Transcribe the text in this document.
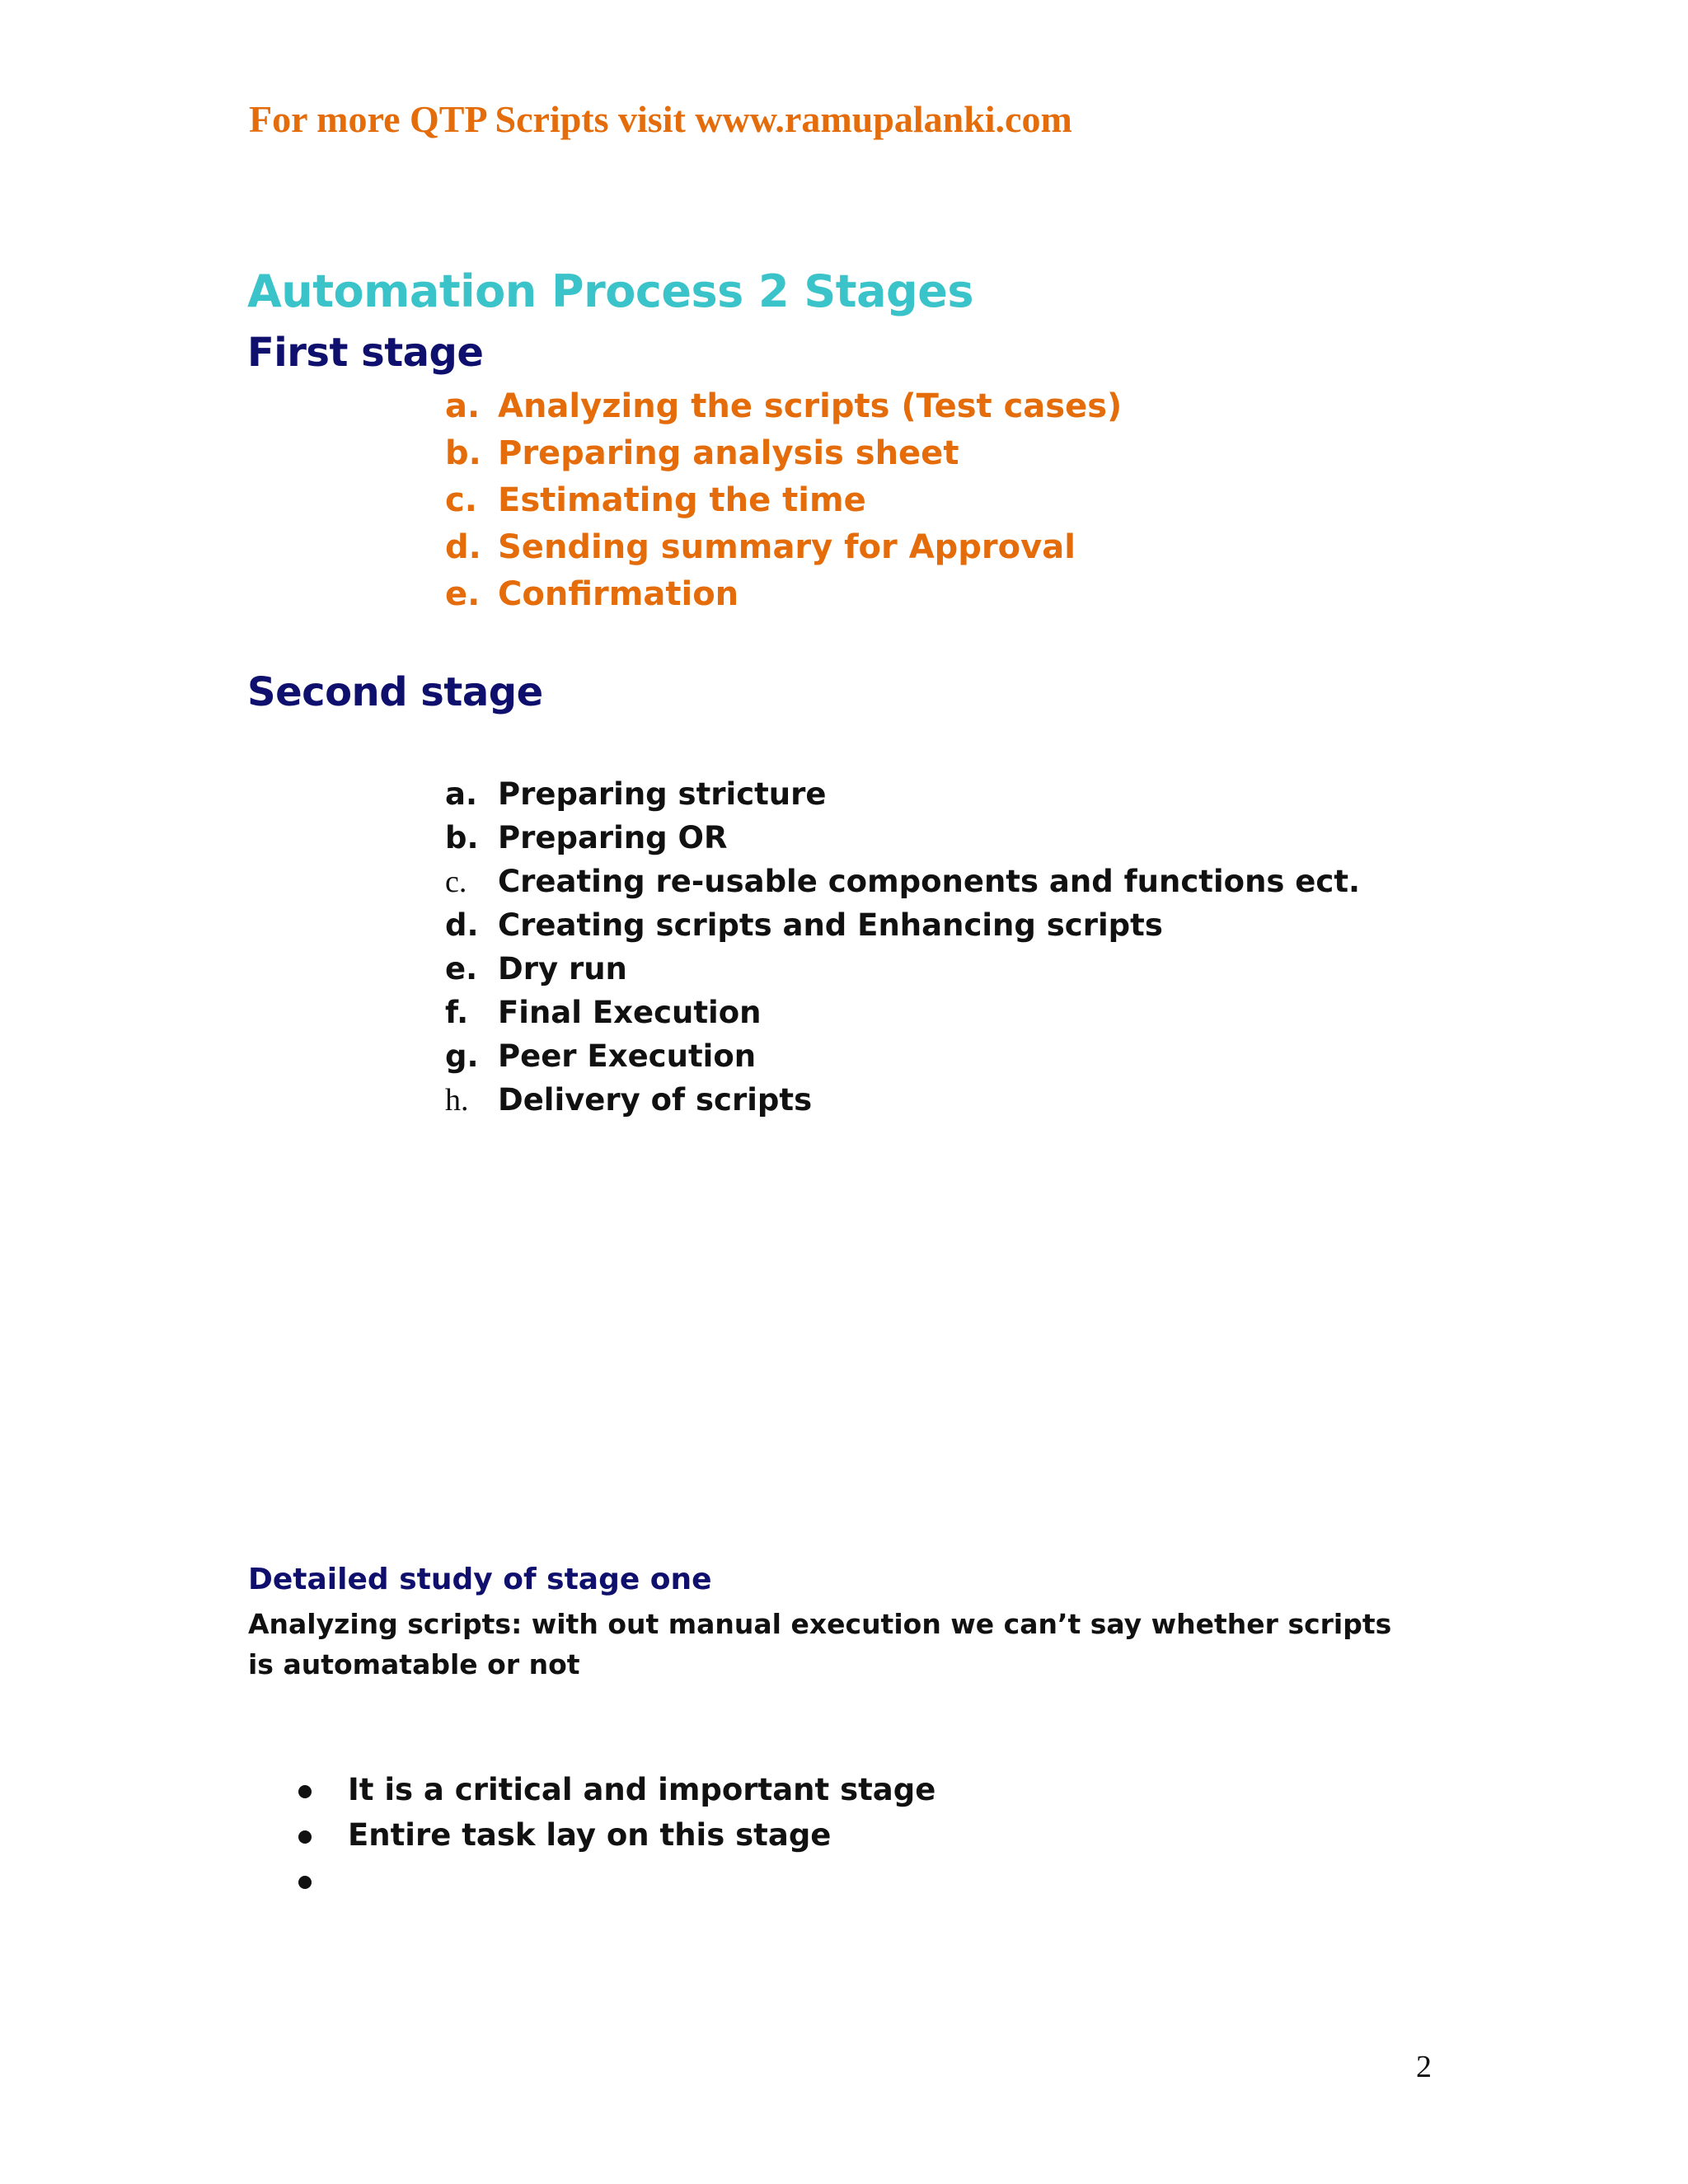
For more QTP Scripts visit www.ramupalanki.com
Automation Process 2 Stages
First stage
a. Analyzing the scripts (Test cases)
b. Preparing analysis sheet
c. Estimating the time
d. Sending summary for Approval
e. Confirmation
Second stage
a. Preparing stricture
b. Preparing OR
c. Creating re-usable components and functions ect.
d. Creating scripts and Enhancing scripts
e. Dry run
f. Final Execution
g. Peer Execution
h. Delivery of scripts
Detailed study of stage one
Analyzing scripts: with out manual execution we can’t say whether scripts is automatable or not
It is a critical and important stage
Entire task lay on this stage
2
